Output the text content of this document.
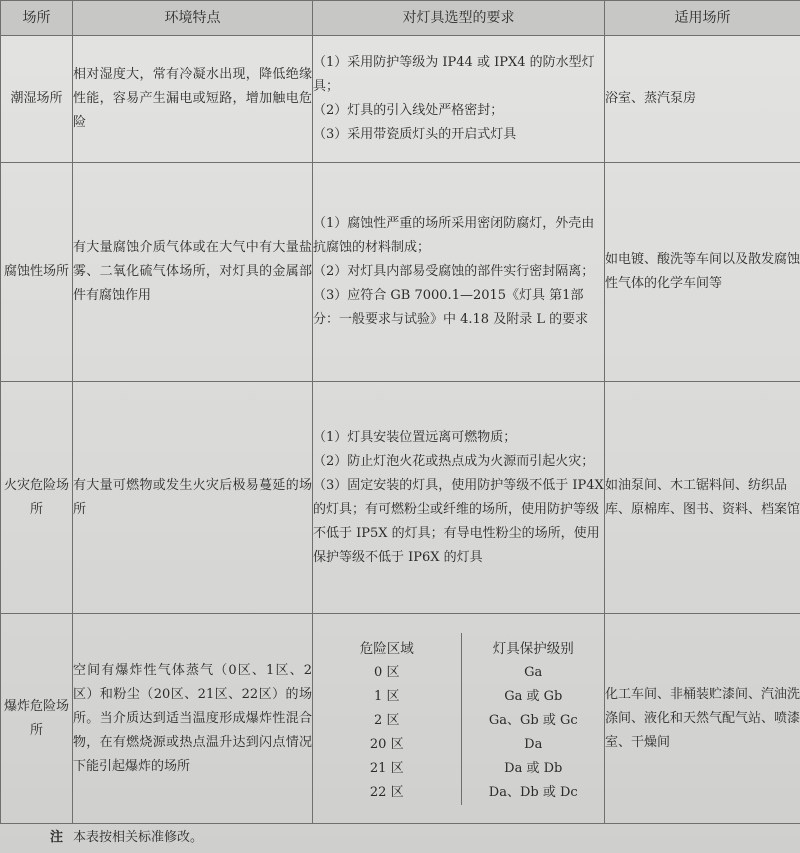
场所	环境特点	对灯具选型的要求	适用场所
潮湿场所	相对湿度大，常有冷凝水出现，降低绝缘性能，容易产生漏电或短路，增加触电危险	

（1）采用防护等级为 IP44 或 IPX4 的防水型灯具；

（2）灯具的引入线处严格密封；

（3）采用带瓷质灯头的开启式灯具

	浴室、蒸汽泵房
腐蚀性场所	有大量腐蚀介质气体或在大气中有大量盐雾、二氧化硫气体场所，对灯具的金属部件有腐蚀作用	

（1）腐蚀性严重的场所采用密闭防腐灯，外壳由抗腐蚀的材料制成；

（2）对灯具内部易受腐蚀的部件实行密封隔离；

（3）应符合 GB 7000.1—2015《灯具 第1部分：一般要求与试验》中 4.18 及附录 L 的要求

	如电镀、酸洗等车间以及散发腐蚀性气体的化学车间等
火灾危险场所	有大量可燃物或发生火灾后极易蔓延的场所	

（1）灯具安装位置远离可燃物质；

（2）防止灯泡火花或热点成为火源而引起火灾；

（3）固定安装的灯具，使用防护等级不低于 IP4X 的灯具；有可燃粉尘或纤维的场所，使用防护等级不低于 IP5X 的灯具；有导电性粉尘的场所，使用保护等级不低于 IP6X 的灯具

	如油泵间、木工锯料间、纺织品库、原棉库、图书、资料、档案馆
爆炸危险场所	空间有爆炸性气体蒸气（0区、1区、2区）和粉尘（20区、21区、22区）的场所。当介质达到适当温度形成爆炸性混合物，在有燃烧源或热点温升达到闪点情况下能引起爆炸的场所	
危险区域	灯具保护级别
0 区	Ga
1 区	Ga 或 Gb
2 区	Ga、Gb 或 Gc
20 区	Da
21 区	Da 或 Db
22 区	Da、Db 或 Dc
	化工车间、非桶装贮漆间、汽油洗涤间、液化和天然气配气站、喷漆室、干燥间
注 本表按相关标准修改。
